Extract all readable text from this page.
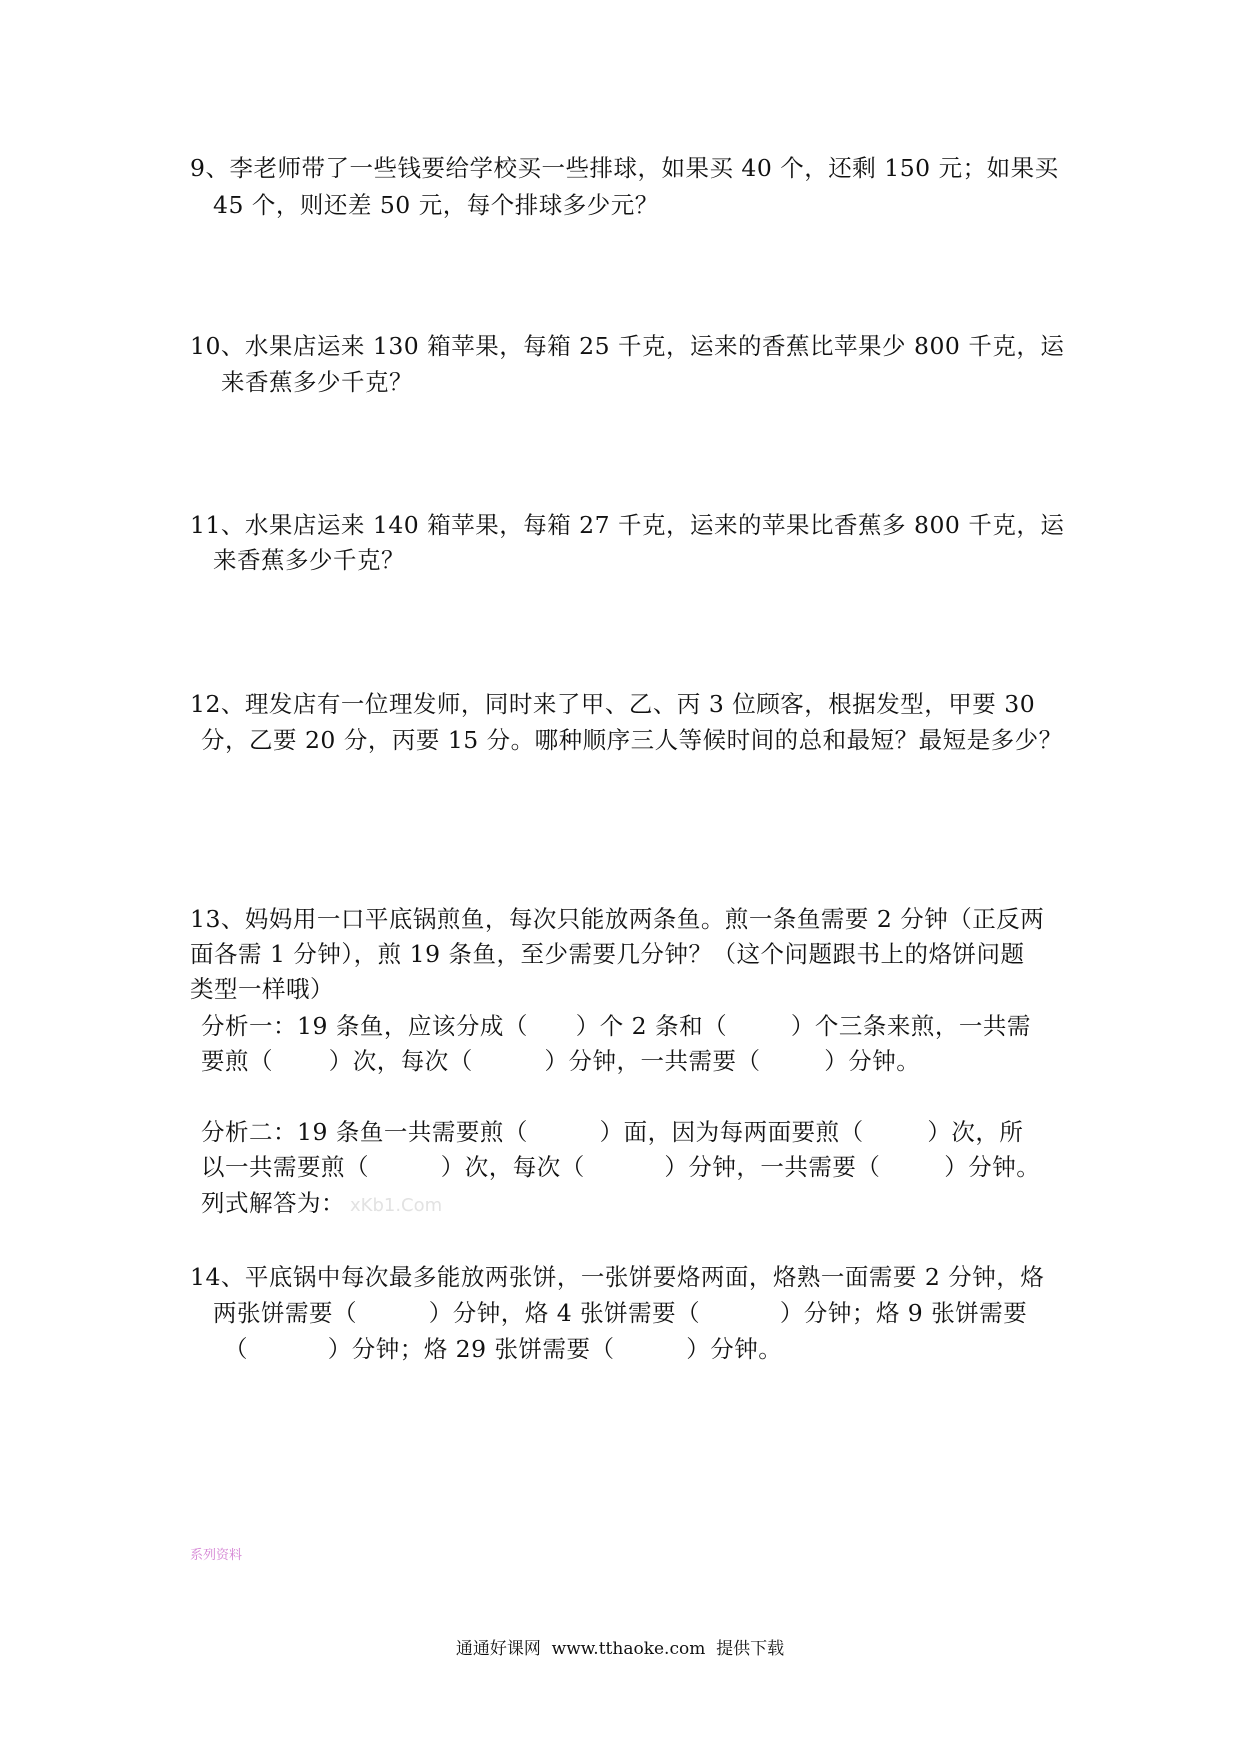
9、李老师带了一些钱要给学校买一些排球，如果买 40 个，还剩 150 元；如果买
45 个，则还差 50 元，每个排球多少元？
10、水果店运来 130 箱苹果，每箱 25 千克，运来的香蕉比苹果少 800 千克，运
来香蕉多少千克？
11、水果店运来 140 箱苹果，每箱 27 千克，运来的苹果比香蕉多 800 千克，运
来香蕉多少千克？
12、理发店有一位理发师，同时来了甲、乙、丙 3 位顾客，根据发型，甲要 30
分，乙要 20 分，丙要 15 分。哪种顺序三人等候时间的总和最短？最短是多少？
13、妈妈用一口平底锅煎鱼，每次只能放两条鱼。煎一条鱼需要 2 分钟（正反两
面各需 1 分钟），煎 19 条鱼，至少需要几分钟？（这个问题跟书上的烙饼问题
类型一样哦）
分析一：19 条鱼，应该分成（      ）个 2 条和（        ）个三条来煎，一共需
要煎（       ）次，每次（         ）分钟，一共需要（        ）分钟。
分析二：19 条鱼一共需要煎（         ）面，因为每两面要煎（        ）次，所
以一共需要煎（         ）次，每次（          ）分钟，一共需要（        ）分钟。
列式解答为： xKb1.Com
14、平底锅中每次最多能放两张饼，一张饼要烙两面，烙熟一面需要 2 分钟，烙
两张饼需要（         ）分钟，烙 4 张饼需要（          ）分钟；烙 9 张饼需要
（          ）分钟；烙 29 张饼需要（         ）分钟。
系列资料
通通好课网  www.tthaoke.com  提供下载
